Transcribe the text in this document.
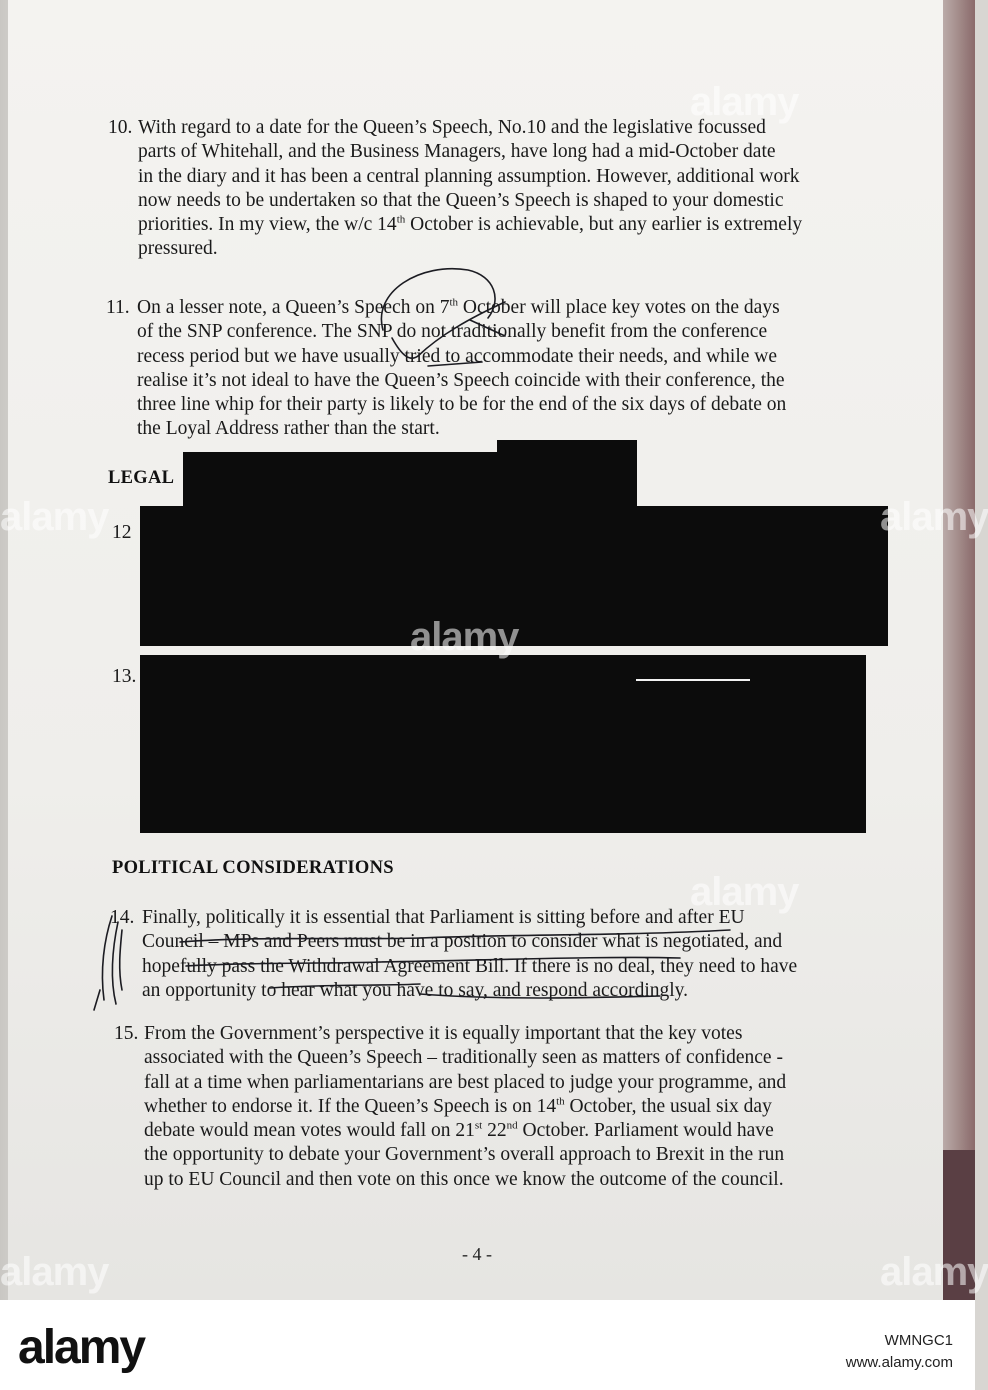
10. With regard to a date for the Queen’s Speech, No.10 and the legislative focussed
parts of Whitehall, and the Business Managers, have long had a mid-October date
in the diary and it has been a central planning assumption. However, additional work
now needs to be undertaken so that the Queen’s Speech is shaped to your domestic
priorities. In my view, the w/c 14th October is achievable, but any earlier is extremely
pressured.
11. On a lesser note, a Queen’s Speech on 7th October will place key votes on the days
of the SNP conference. The SNP do not traditionally benefit from the conference
recess period but we have usually tried to accommodate their needs, and while we
realise it’s not ideal to have the Queen’s Speech coincide with their conference, the
three line whip for their party is likely to be for the end of the six days of debate on
the Loyal Address rather than the start.
LEGAL
12
13.
POLITICAL CONSIDERATIONS
14. Finally, politically it is essential that Parliament is sitting before and after EU
Council – MPs and Peers must be in a position to consider what is negotiated, and
hopefully pass the Withdrawal Agreement Bill. If there is no deal, they need to have
an opportunity to hear what you have to say, and respond accordingly.
15. From the Government’s perspective it is equally important that the key votes
associated with the Queen’s Speech – traditionally seen as matters of confidence -
fall at a time when parliamentarians are best placed to judge your programme, and
whether to endorse it. If the Queen’s Speech is on 14th October, the usual six day
debate would mean votes would fall on 21st 22nd October. Parliament would have
the opportunity to debate your Government’s overall approach to Brexit in the run
up to EU Council and then vote on this once we know the outcome of the council.
- 4 -
alamy
alamy
alamy
alamy
alamy
alamy	alamy
alamy	WMNGC1
www.alamy.com
